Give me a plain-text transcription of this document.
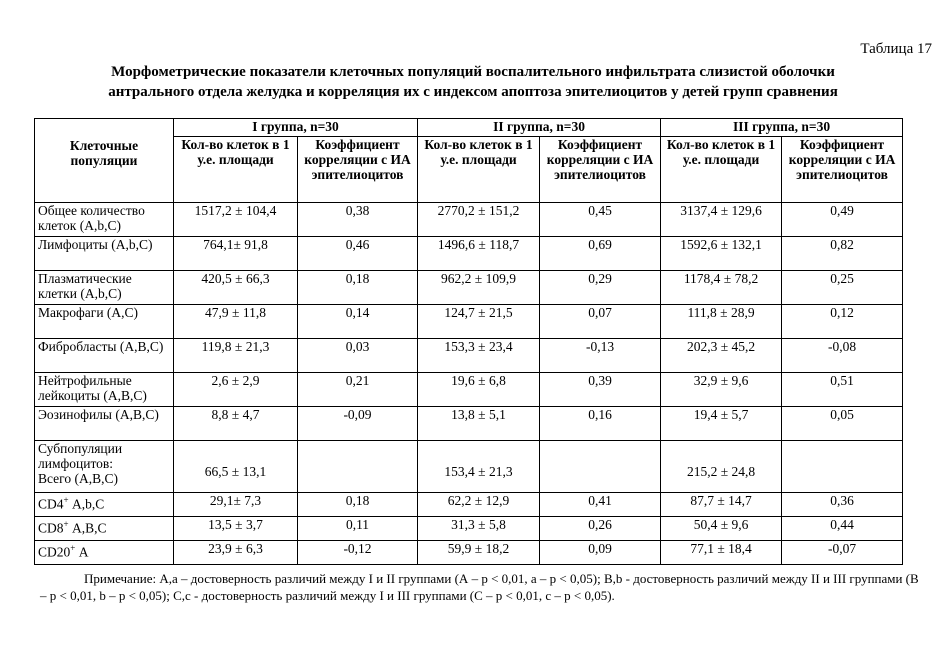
Таблица 17
Морфометрические показатели клеточных популяций воспалительного инфильтрата слизистой оболочки
антрального отдела желудка и корреляция их с индексом апоптоза эпителиоцитов у детей групп сравнения
Клеточные популяции	I группа, n=30		II группа, n=30		III группа, n=30	
	Кол-во клеток в 1 у.е. площади	Коэффициент корреляции с ИА эпителиоцитов	Кол-во клеток в 1 у.е. площади	Коэффициент корреляции с ИА эпителиоцитов	Кол-во клеток в 1 у.е. площади	Коэффициент корреляции с ИА эпителиоцитов
Общее количество клеток (А,b,C)	1517,2 ± 104,4	0,38	2770,2 ± 151,2	0,45	3137,4 ± 129,6	0,49
Лимфоциты (А,b,C)	764,1± 91,8	0,46	1496,6 ± 118,7	0,69	1592,6 ± 132,1	0,82
Плазматические клетки (А,b,C)	420,5 ± 66,3	0,18	962,2 ± 109,9	0,29	1178,4 ± 78,2	0,25
Макрофаги (А,C)	47,9 ± 11,8	0,14	124,7 ± 21,5	0,07	111,8 ± 28,9	0,12
Фибробласты (А,B,C)	119,8 ± 21,3	0,03	153,3 ± 23,4	-0,13	202,3 ± 45,2	-0,08
Нейтрофильные лейкоциты (А,B,C)	2,6 ± 2,9	0,21	19,6 ± 6,8	0,39	32,9 ± 9,6	0,51
Эозинофилы (А,B,C)	8,8 ± 4,7	-0,09	13,8 ± 5,1	0,16	19,4 ± 5,7	0,05

Субпопуляции
лимфоцитов:
Всего (А,B,C)	66,5 ± 13,1		153,4 ± 21,3		215,2 ± 24,8	
CD4+ А,b,C	29,1± 7,3	0,18	62,2 ± 12,9	0,41	87,7 ± 14,7	0,36
CD8+ А,B,C	13,5 ± 3,7	0,11	31,3 ± 5,8	0,26	50,4 ± 9,6	0,44
CD20+ А	23,9 ± 6,3	-0,12	59,9 ± 18,2	0,09	77,1 ± 18,4	-0,07
Примечание: А,а – достоверность различий между I и II группами (А – р < 0,01, а – р < 0,05); B,b - достоверность различий между II и III группами (B – р < 0,01, b – р < 0,05); С,с - достоверность различий между I и III группами (С – р < 0,01, с – р < 0,05).
